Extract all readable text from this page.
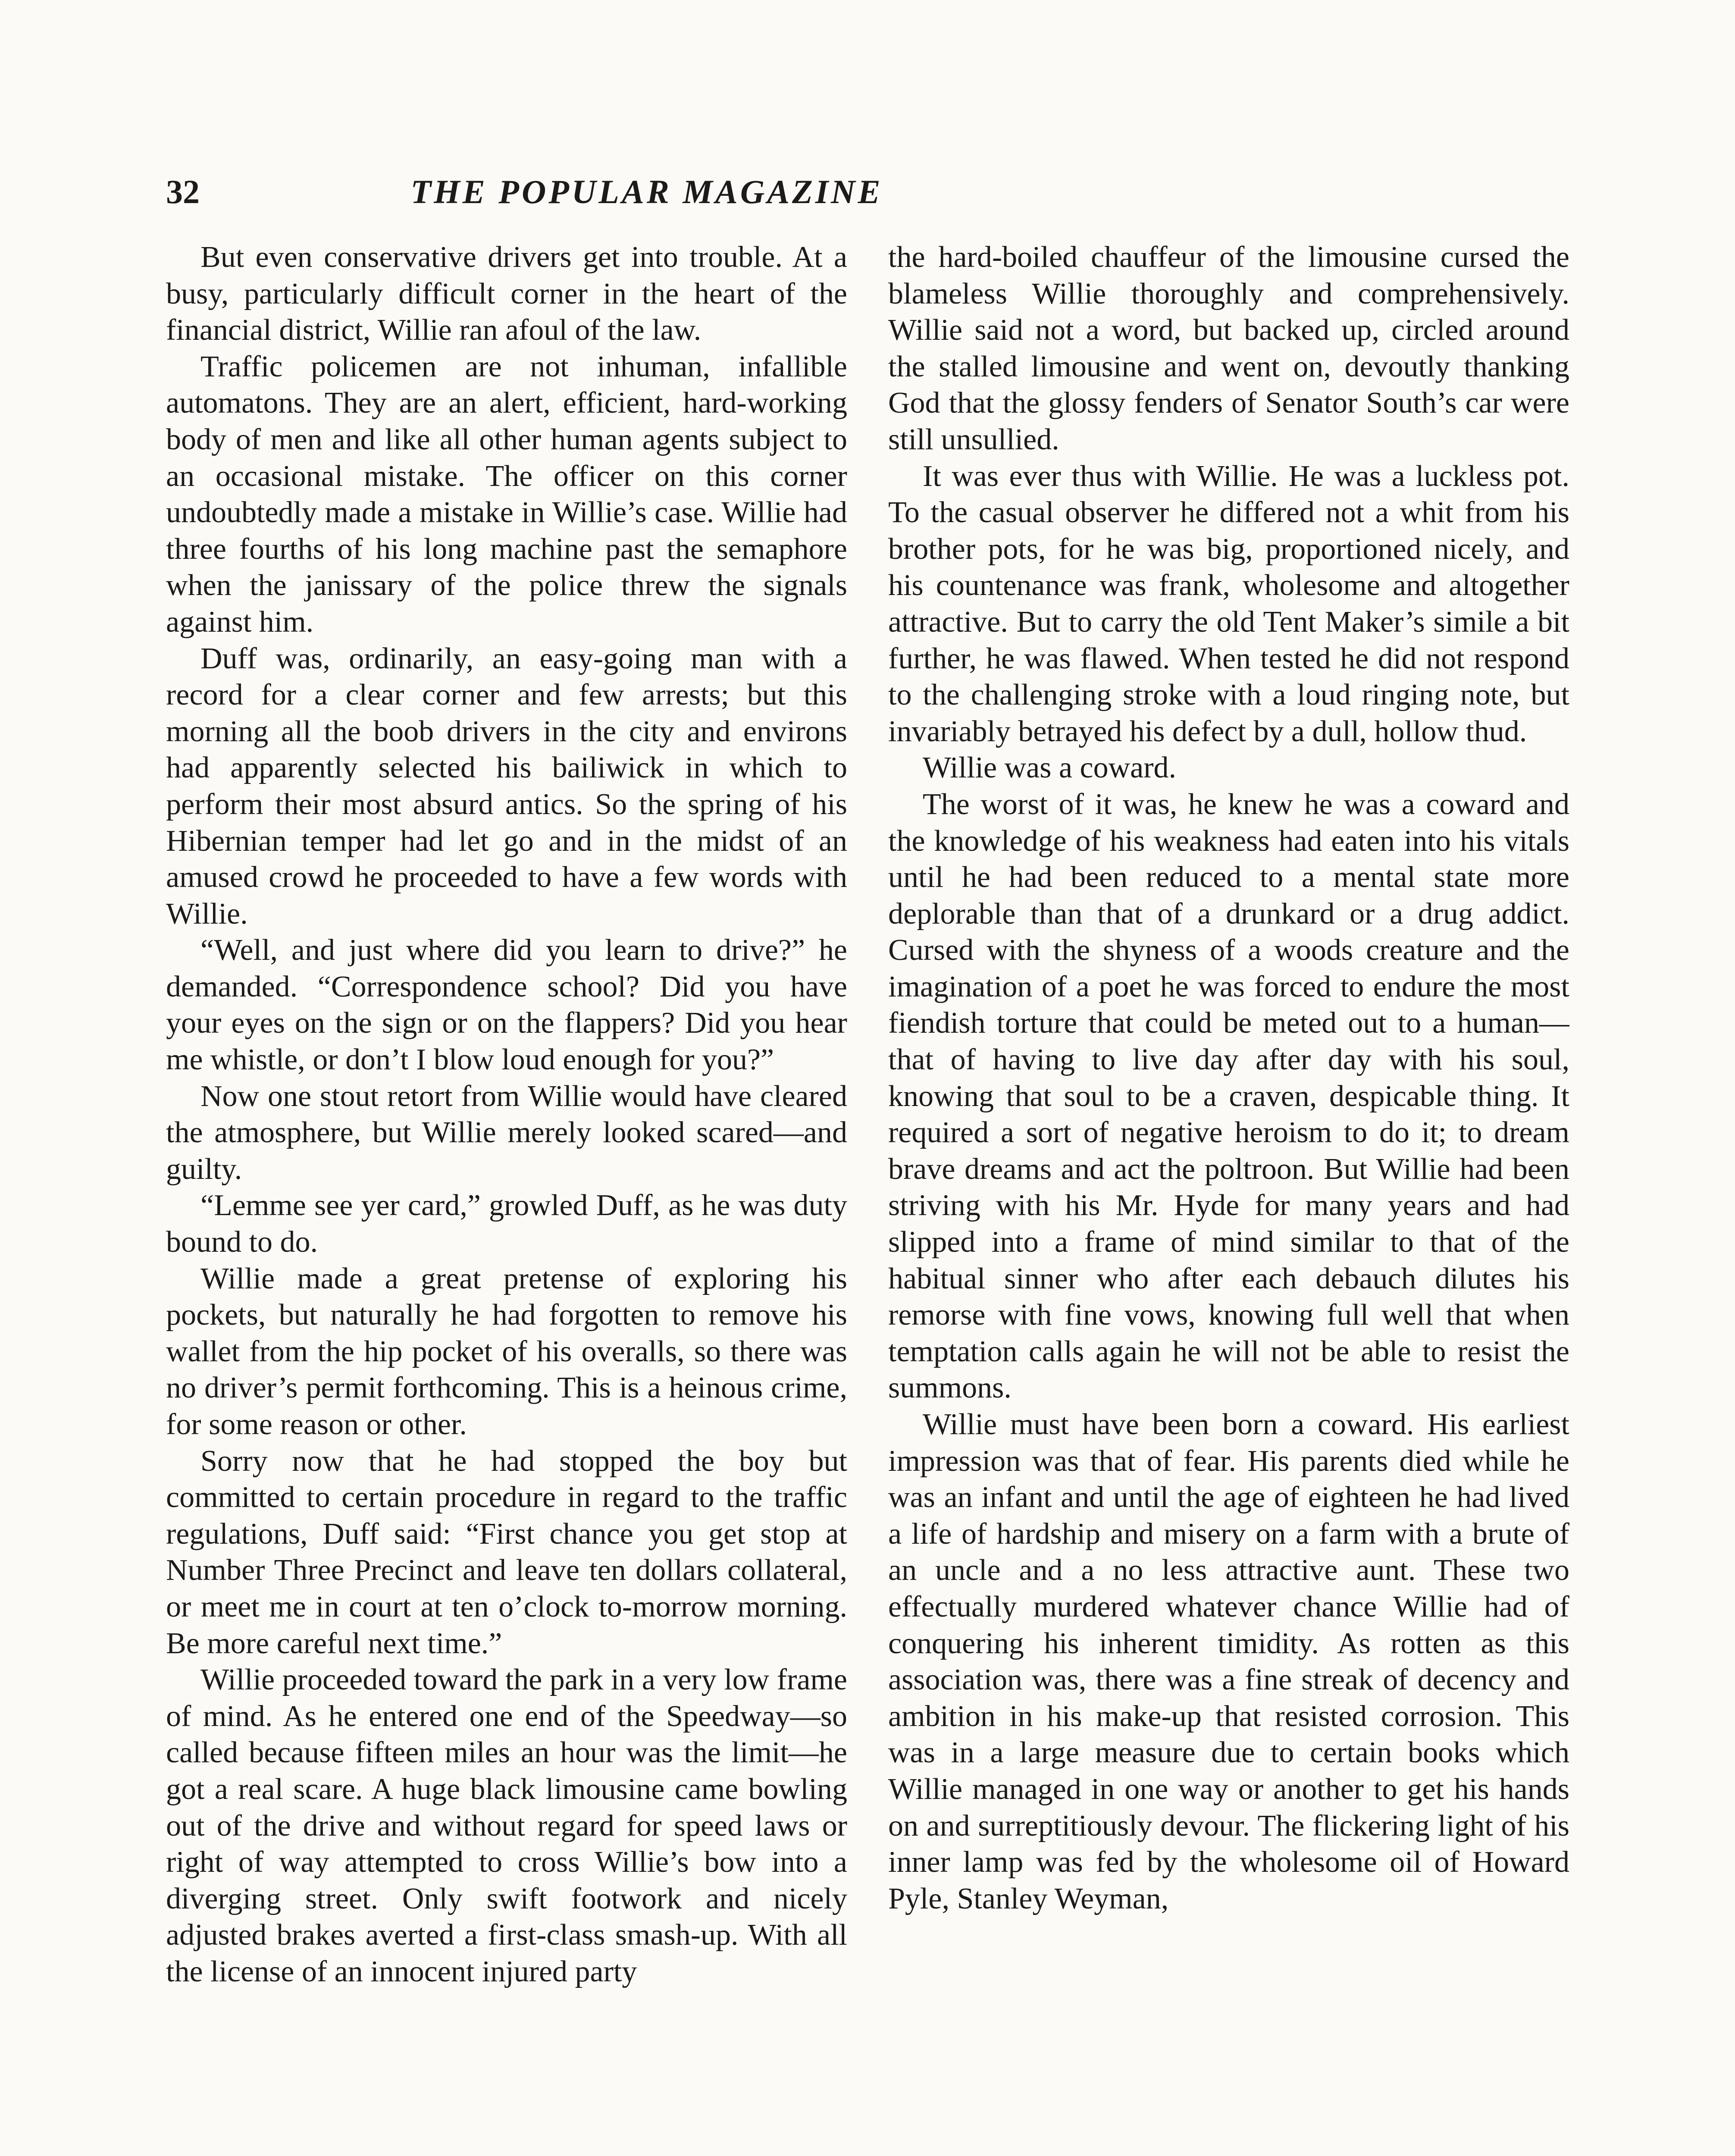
32	THE POPULAR MAGAZINE

But even conservative drivers get into trouble. At a busy, particularly difficult corner in the heart of the financial district, Willie ran afoul of the law.

Traffic policemen are not inhuman, infallible automatons. They are an alert, efficient, hard-working body of men and like all other human agents subject to an occasional mistake. The officer on this corner undoubtedly made a mistake in Willie’s case. Willie had three fourths of his long machine past the semaphore when the janissary of the police threw the signals against him.

Duff was, ordinarily, an easy-going man with a record for a clear corner and few arrests; but this morning all the boob drivers in the city and environs had apparently selected his bailiwick in which to perform their most absurd antics. So the spring of his Hibernian temper had let go and in the midst of an amused crowd he proceeded to have a few words with Willie.

“Well, and just where did you learn to drive?” he demanded. “Correspondence school? Did you have your eyes on the sign or on the flappers? Did you hear me whistle, or don’t I blow loud enough for you?”

Now one stout retort from Willie would have cleared the atmosphere, but Willie merely looked scared—and guilty.

“Lemme see yer card,” growled Duff, as he was duty bound to do.

Willie made a great pretense of exploring his pockets, but naturally he had forgotten to remove his wallet from the hip pocket of his overalls, so there was no driver’s permit forthcoming. This is a heinous crime, for some reason or other.

Sorry now that he had stopped the boy but committed to certain procedure in regard to the traffic regulations, Duff said: “First chance you get stop at Number Three Precinct and leave ten dollars collateral, or meet me in court at ten o’clock to-morrow morning. Be more careful next time.”

Willie proceeded toward the park in a very low frame of mind. As he entered one end of the Speedway—so called because fifteen miles an hour was the limit—he got a real scare. A huge black limousine came bowling out of the drive and without regard for speed laws or right of way attempted to cross Willie’s bow into a diverging street. Only swift footwork and nicely adjusted brakes averted a first-class smash-up. With all the license of an innocent injured party

the hard-boiled chauffeur of the limousine cursed the blameless Willie thoroughly and comprehensively. Willie said not a word, but backed up, circled around the stalled limousine and went on, devoutly thanking God that the glossy fenders of Senator South’s car were still unsullied.

It was ever thus with Willie. He was a luckless pot. To the casual observer he differed not a whit from his brother pots, for he was big, proportioned nicely, and his countenance was frank, wholesome and altogether attractive. But to carry the old Tent Maker’s simile a bit further, he was flawed. When tested he did not respond to the challenging stroke with a loud ringing note, but invariably betrayed his defect by a dull, hollow thud.

Willie was a coward.

The worst of it was, he knew he was a coward and the knowledge of his weakness had eaten into his vitals until he had been reduced to a mental state more deplorable than that of a drunkard or a drug addict. Cursed with the shyness of a woods creature and the imagination of a poet he was forced to endure the most fiendish torture that could be meted out to a human—that of having to live day after day with his soul, knowing that soul to be a craven, despicable thing. It required a sort of negative heroism to do it; to dream brave dreams and act the poltroon. But Willie had been striving with his Mr. Hyde for many years and had slipped into a frame of mind similar to that of the habitual sinner who after each debauch dilutes his remorse with fine vows, knowing full well that when temptation calls again he will not be able to resist the summons.

Willie must have been born a coward. His earliest impression was that of fear. His parents died while he was an infant and until the age of eighteen he had lived a life of hardship and misery on a farm with a brute of an uncle and a no less attractive aunt. These two effectually murdered whatever chance Willie had of conquering his inherent timidity. As rotten as this association was, there was a fine streak of decency and ambition in his make-up that resisted corrosion. This was in a large measure due to certain books which Willie managed in one way or another to get his hands on and surreptitiously devour. The flickering light of his inner lamp was fed by the wholesome oil of Howard Pyle, Stanley Weyman,
